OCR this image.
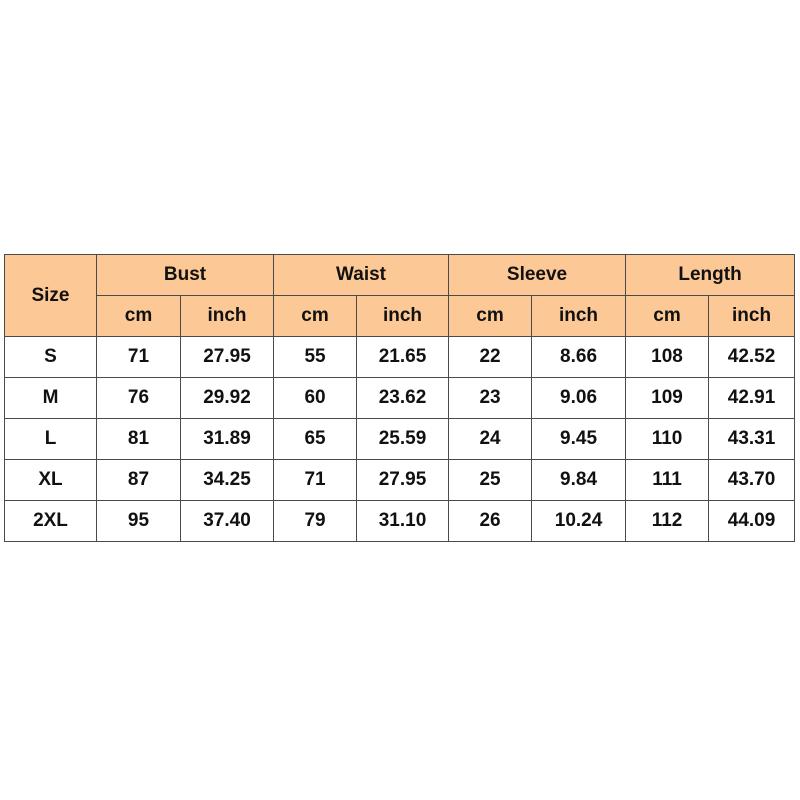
Size	Bust		Waist		Sleeve		Length	
	cm	inch	cm	inch	cm	inch	cm	inch
S	71	27.95	55	21.65	22	8.66	108	42.52
M	76	29.92	60	23.62	23	9.06	109	42.91
L	81	31.89	65	25.59	24	9.45	110	43.31
XL	87	34.25	71	27.95	25	9.84	111	43.70
2XL	95	37.40	79	31.10	26	10.24	112	44.09
